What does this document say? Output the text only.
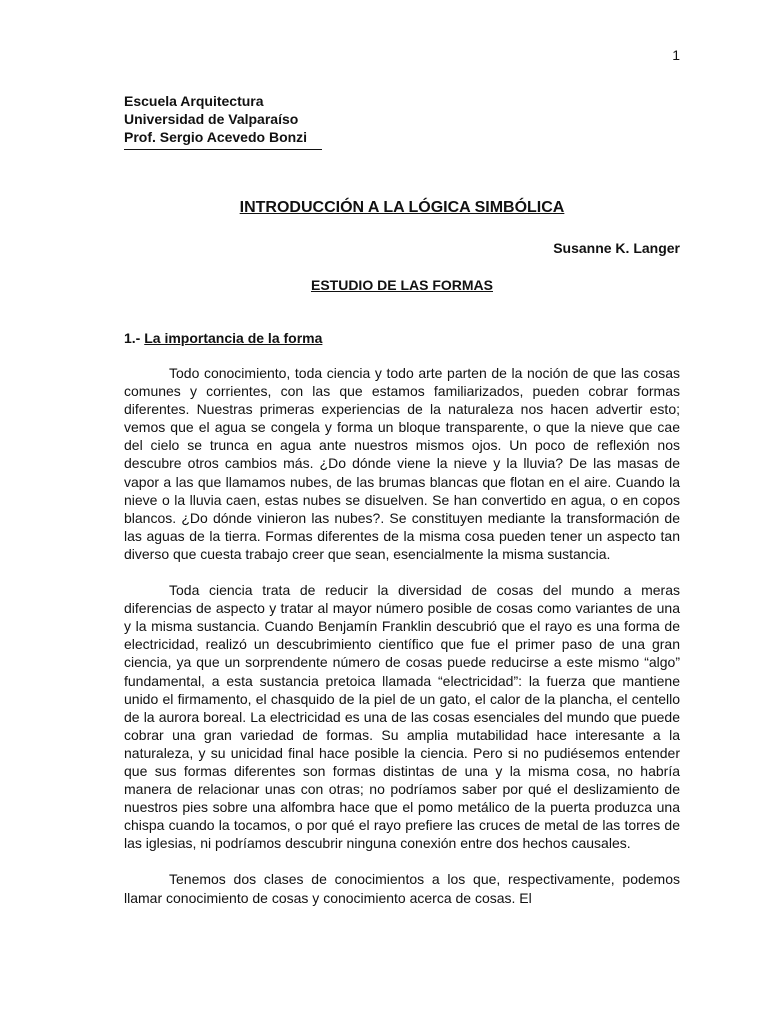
1
Escuela Arquitectura
Universidad de Valparaíso
Prof. Sergio Acevedo Bonzi
INTRODUCCIÓN A LA LÓGICA SIMBÓLICA
Susanne K. Langer
ESTUDIO DE LAS FORMAS
1.- La importancia de la forma

Todo conocimiento, toda ciencia y todo arte parten de la noción de que las cosas comunes y corrientes, con las que estamos familiarizados, pueden cobrar formas diferentes. Nuestras primeras experiencias de la naturaleza nos hacen advertir esto; vemos que el agua se congela y forma un bloque transparente, o que la nieve que cae del cielo se trunca en agua ante nuestros mismos ojos. Un poco de reflexión nos descubre otros cambios más. ¿Do dónde viene la nieve y la lluvia? De las masas de vapor a las que llamamos nubes, de las brumas blancas que flotan en el aire. Cuando la nieve o la lluvia caen, estas nubes se disuelven. Se han convertido en agua, o en copos blancos. ¿Do dónde vinieron las nubes?. Se constituyen mediante la transformación de las aguas de la tierra. Formas diferentes de la misma cosa pueden tener un aspecto tan diverso que cuesta trabajo creer que sean, esencialmente la misma sustancia.

Toda ciencia trata de reducir la diversidad de cosas del mundo a meras diferencias de aspecto y tratar al mayor número posible de cosas como variantes de una y la misma sustancia. Cuando Benjamín Franklin descubrió que el rayo es una forma de electricidad, realizó un descubrimiento científico que fue el primer paso de una gran ciencia, ya que un sorprendente número de cosas puede reducirse a este mismo “algo” fundamental, a esta sustancia pretoica llamada “electricidad”: la fuerza que mantiene unido el firmamento, el chasquido de la piel de un gato, el calor de la plancha, el centello de la aurora boreal. La electricidad es una de las cosas esenciales del mundo que puede cobrar una gran variedad de formas. Su amplia mutabilidad hace interesante a la naturaleza, y su unicidad final hace posible la ciencia. Pero si no pudiésemos entender que sus formas diferentes son formas distintas de una y la misma cosa, no habría manera de relacionar unas con otras; no podríamos saber por qué el deslizamiento de nuestros pies sobre una alfombra hace que el pomo metálico de la puerta produzca una chispa cuando la tocamos, o por qué el rayo prefiere las cruces de metal de las torres de las iglesias, ni podríamos descubrir ninguna conexión entre dos hechos causales.

Tenemos dos clases de conocimientos a los que, respectivamente, podemos llamar conocimiento de cosas y conocimiento acerca de cosas. El
